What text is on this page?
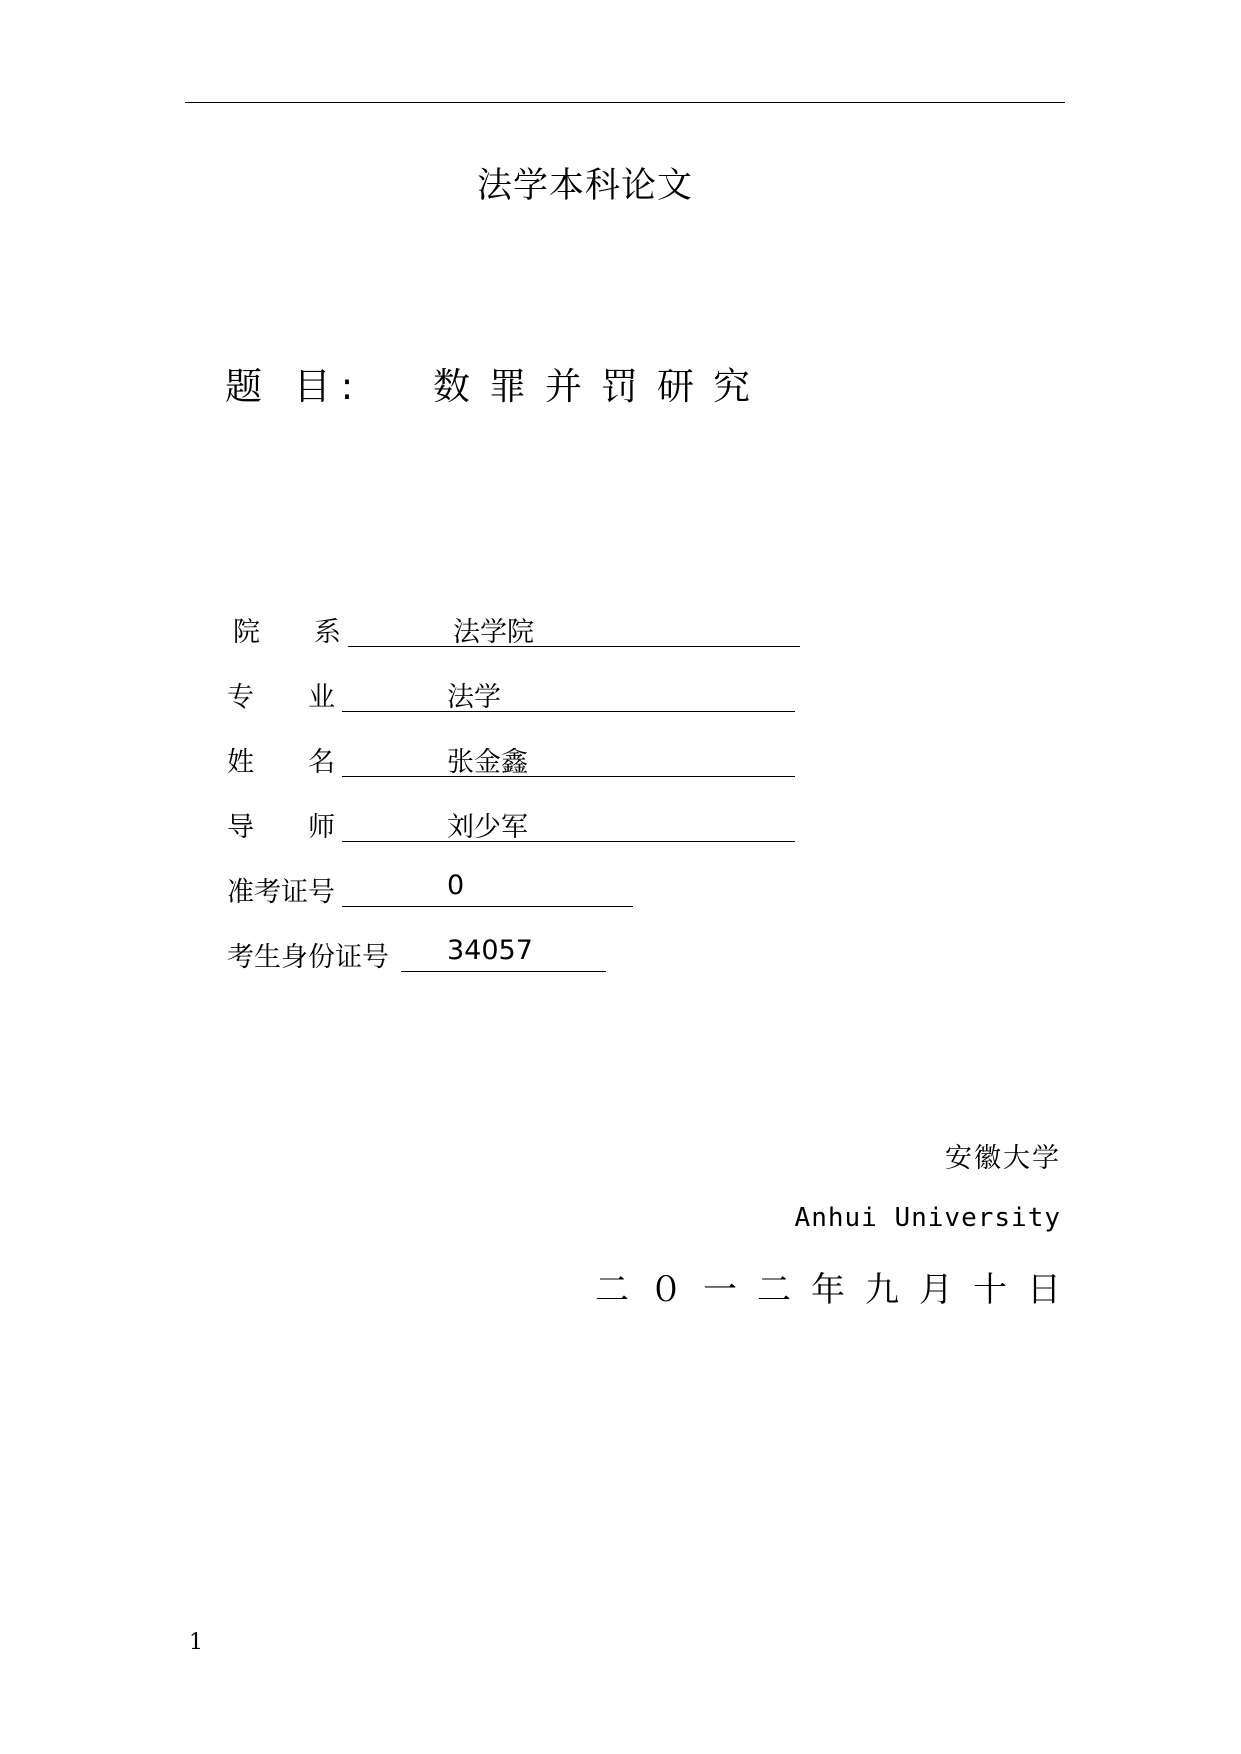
法学本科论文
题 目: 数罪并罚研究
院　　系	法学院
专　　业	法学
姓　　名	张金鑫
导　　师	刘少军
准考证号	0
考生身份证号 34057
安徽大学
Anhui University
二０一二年九月十日
1
